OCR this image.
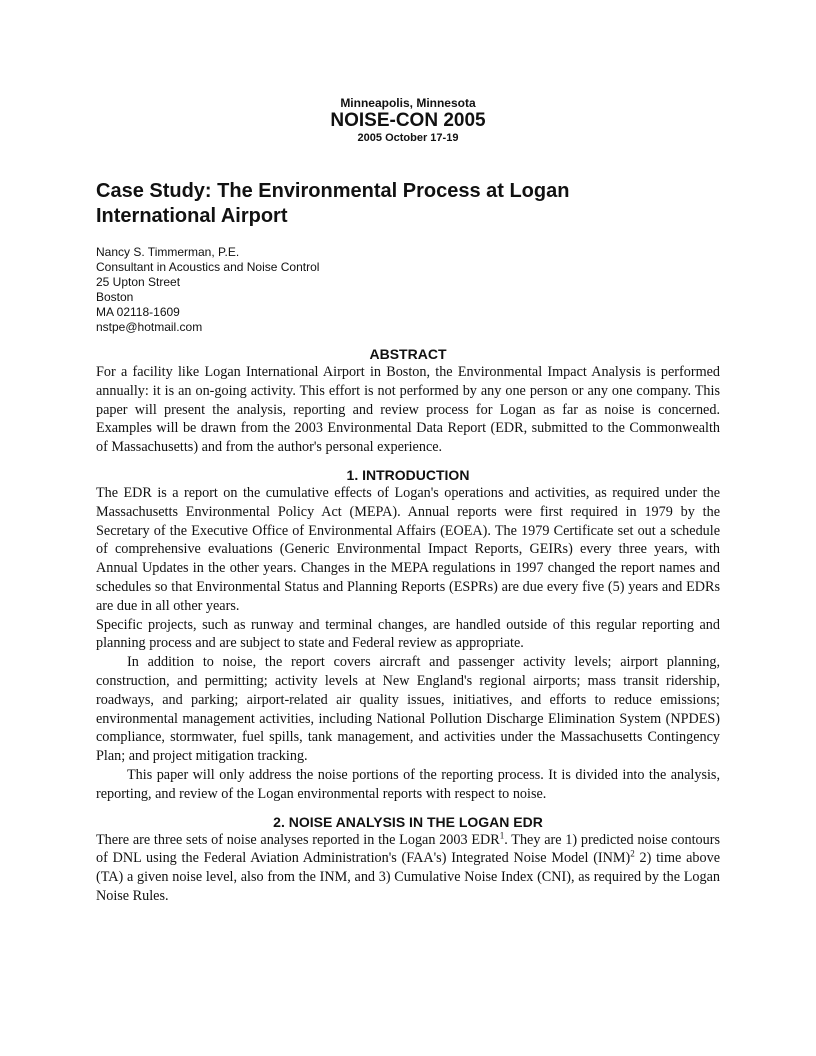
Minneapolis, Minnesota
NOISE-CON 2005
2005 October 17-19
Case Study: The Environmental Process at Logan International Airport
Nancy S. Timmerman, P.E.
Consultant in Acoustics and Noise Control
25 Upton Street
Boston
MA 02118-1609
nstpe@hotmail.com
ABSTRACT

For a facility like Logan International Airport in Boston, the Environmental Impact Analysis is performed annually: it is an on-going activity. This effort is not performed by any one person or any one company. This paper will present the analysis, reporting and review process for Logan as far as noise is concerned. Examples will be drawn from the 2003 Environmental Data Report (EDR, submitted to the Commonwealth of Massachusetts) and from the author's personal experience.

1. INTRODUCTION

The EDR is a report on the cumulative effects of Logan's operations and activities, as required under the Massachusetts Environmental Policy Act (MEPA). Annual reports were first required in 1979 by the Secretary of the Executive Office of Environmental Affairs (EOEA). The 1979 Certificate set out a schedule of comprehensive evaluations (Generic Environmental Impact Reports, GEIRs) every three years, with Annual Updates in the other years. Changes in the MEPA regulations in 1997 changed the report names and schedules so that Environmental Status and Planning Reports (ESPRs) are due every five (5) years and EDRs are due in all other years.

Specific projects, such as runway and terminal changes, are handled outside of this regular reporting and planning process and are subject to state and Federal review as appropriate.

In addition to noise, the report covers aircraft and passenger activity levels; airport planning, construction, and permitting; activity levels at New England's regional airports; mass transit ridership, roadways, and parking; airport-related air quality issues, initiatives, and efforts to reduce emissions; environmental management activities, including National Pollution Discharge Elimination System (NPDES) compliance, stormwater, fuel spills, tank management, and activities under the Massachusetts Contingency Plan; and project mitigation tracking.

This paper will only address the noise portions of the reporting process. It is divided into the analysis, reporting, and review of the Logan environmental reports with respect to noise.

2. NOISE ANALYSIS IN THE LOGAN EDR

There are three sets of noise analyses reported in the Logan 2003 EDR$^1$. They are 1) predicted noise contours of DNL using the Federal Aviation Administration's (FAA's) Integrated Noise Model (INM)$^2$ 2) time above (TA) a given noise level, also from the INM, and 3) Cumulative Noise Index (CNI), as required by the Logan Noise Rules.
